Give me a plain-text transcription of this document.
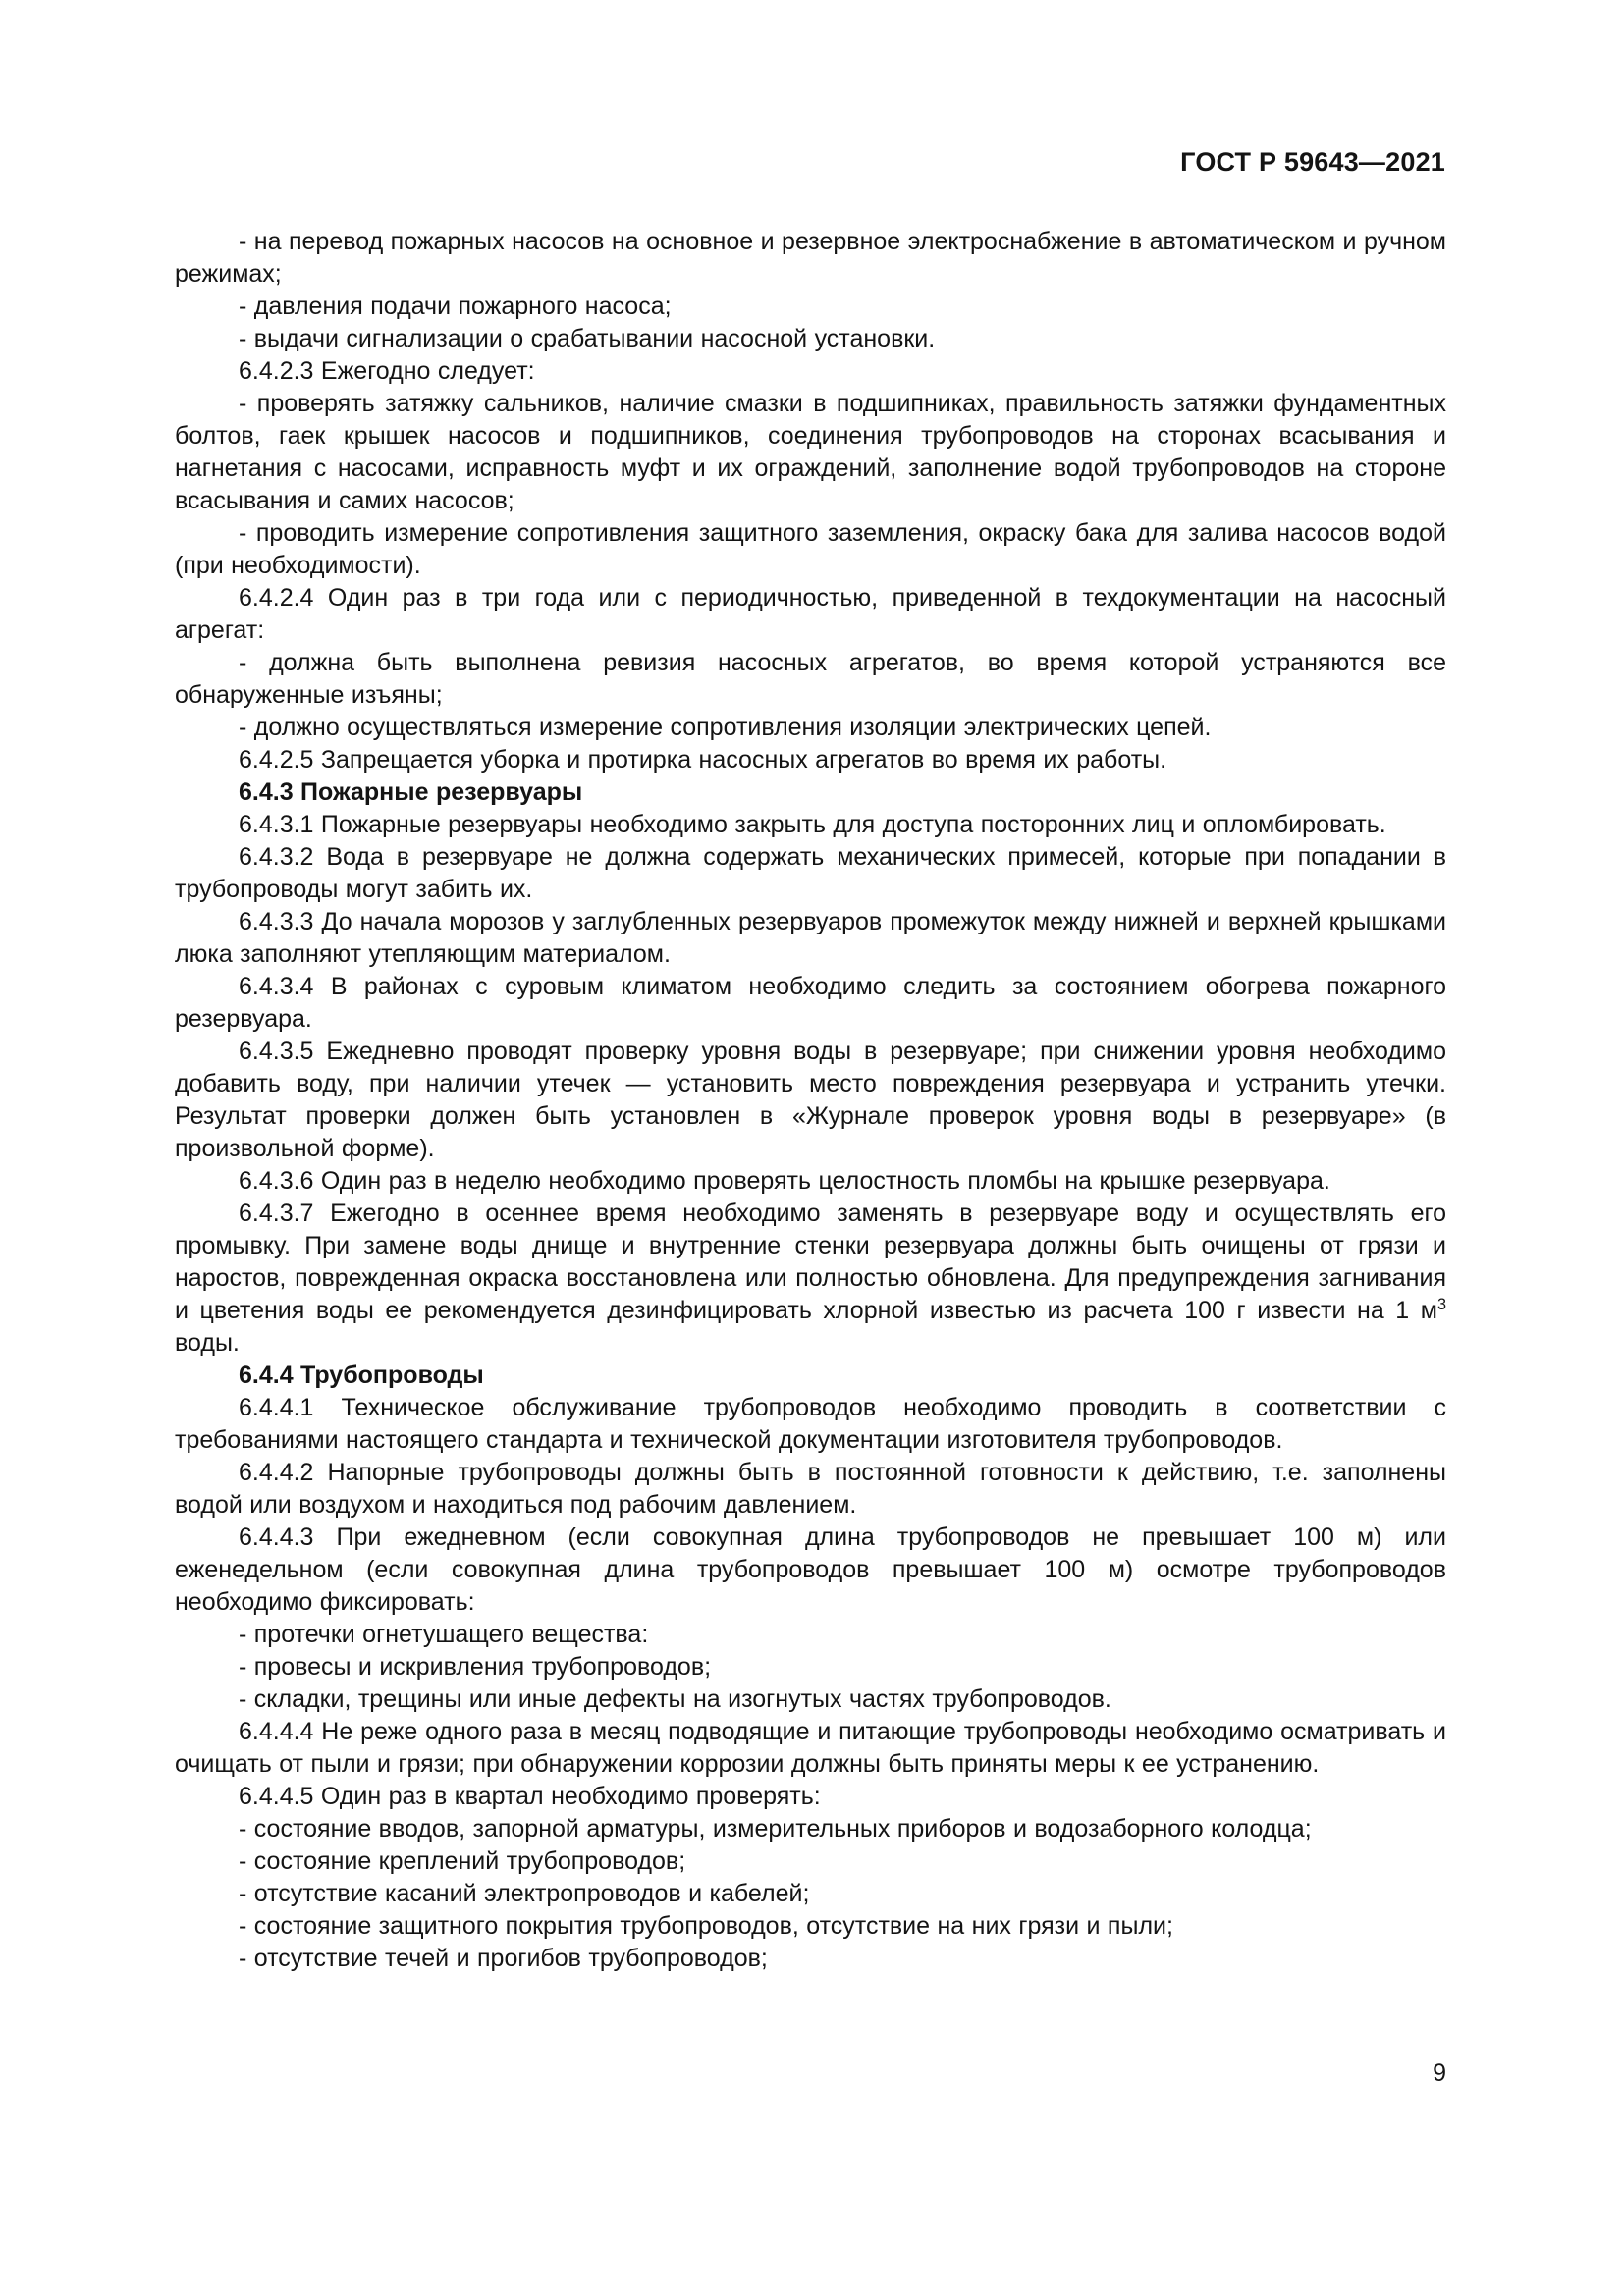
ГОСТ Р 59643—2021

- на перевод пожарных насосов на основное и резервное электроснабжение в автоматическом и ручном режимах;

- давления подачи пожарного насоса;

- выдачи сигнализации о срабатывании насосной установки.

6.4.2.3 Ежегодно следует:

- проверять затяжку сальников, наличие смазки в подшипниках, правильность затяжки фундаментных болтов, гаек крышек насосов и подшипников, соединения трубопроводов на сторонах всасывания и нагнетания с насосами, исправность муфт и их ограждений, заполнение водой трубопроводов на стороне всасывания и самих насосов;

- проводить измерение сопротивления защитного заземления, окраску бака для залива насосов водой (при необходимости).

6.4.2.4 Один раз в три года или с периодичностью, приведенной в техдокументации на насосный агрегат:

- должна быть выполнена ревизия насосных агрегатов, во время которой устраняются все обнаруженные изъяны;

- должно осуществляться измерение сопротивления изоляции электрических цепей.

6.4.2.5 Запрещается уборка и протирка насосных агрегатов во время их работы.

6.4.3 Пожарные резервуары

6.4.3.1 Пожарные резервуары необходимо закрыть для доступа посторонних лиц и опломбировать.

6.4.3.2 Вода в резервуаре не должна содержать механических примесей, которые при попадании в трубопроводы могут забить их.

6.4.3.3 До начала морозов у заглубленных резервуаров промежуток между нижней и верхней крышками люка заполняют утепляющим материалом.

6.4.3.4 В районах с суровым климатом необходимо следить за состоянием обогрева пожарного резервуара.

6.4.3.5 Ежедневно проводят проверку уровня воды в резервуаре; при снижении уровня необходимо добавить воду, при наличии утечек — установить место повреждения резервуара и устранить утечки. Результат проверки должен быть установлен в «Журнале проверок уровня воды в резервуаре» (в произвольной форме).

6.4.3.6 Один раз в неделю необходимо проверять целостность пломбы на крышке резервуара.

6.4.3.7 Ежегодно в осеннее время необходимо заменять в резервуаре воду и осуществлять его промывку. При замене воды днище и внутренние стенки резервуара должны быть очищены от грязи и наростов, поврежденная окраска восстановлена или полностью обновлена. Для предупреждения загнивания и цветения воды ее рекомендуется дезинфицировать хлорной известью из расчета 100 г извести на 1 $м^3$ воды.

6.4.4 Трубопроводы

6.4.4.1 Техническое обслуживание трубопроводов необходимо проводить в соответствии с требованиями настоящего стандарта и технической документации изготовителя трубопроводов.

6.4.4.2 Напорные трубопроводы должны быть в постоянной готовности к действию, т.е. заполнены водой или воздухом и находиться под рабочим давлением.

6.4.4.3 При ежедневном (если совокупная длина трубопроводов не превышает 100 м) или еженедельном (если совокупная длина трубопроводов превышает 100 м) осмотре трубопроводов необходимо фиксировать:

- протечки огнетушащего вещества:

- провесы и искривления трубопроводов;

- складки, трещины или иные дефекты на изогнутых частях трубопроводов.

6.4.4.4 Не реже одного раза в месяц подводящие и питающие трубопроводы необходимо осматривать и очищать от пыли и грязи; при обнаружении коррозии должны быть приняты меры к ее устранению.

6.4.4.5 Один раз в квартал необходимо проверять:

- состояние вводов, запорной арматуры, измерительных приборов и водозаборного колодца;

- состояние креплений трубопроводов;

- отсутствие касаний электропроводов и кабелей;

- состояние защитного покрытия трубопроводов, отсутствие на них грязи и пыли;

- отсутствие течей и прогибов трубопроводов;

9
